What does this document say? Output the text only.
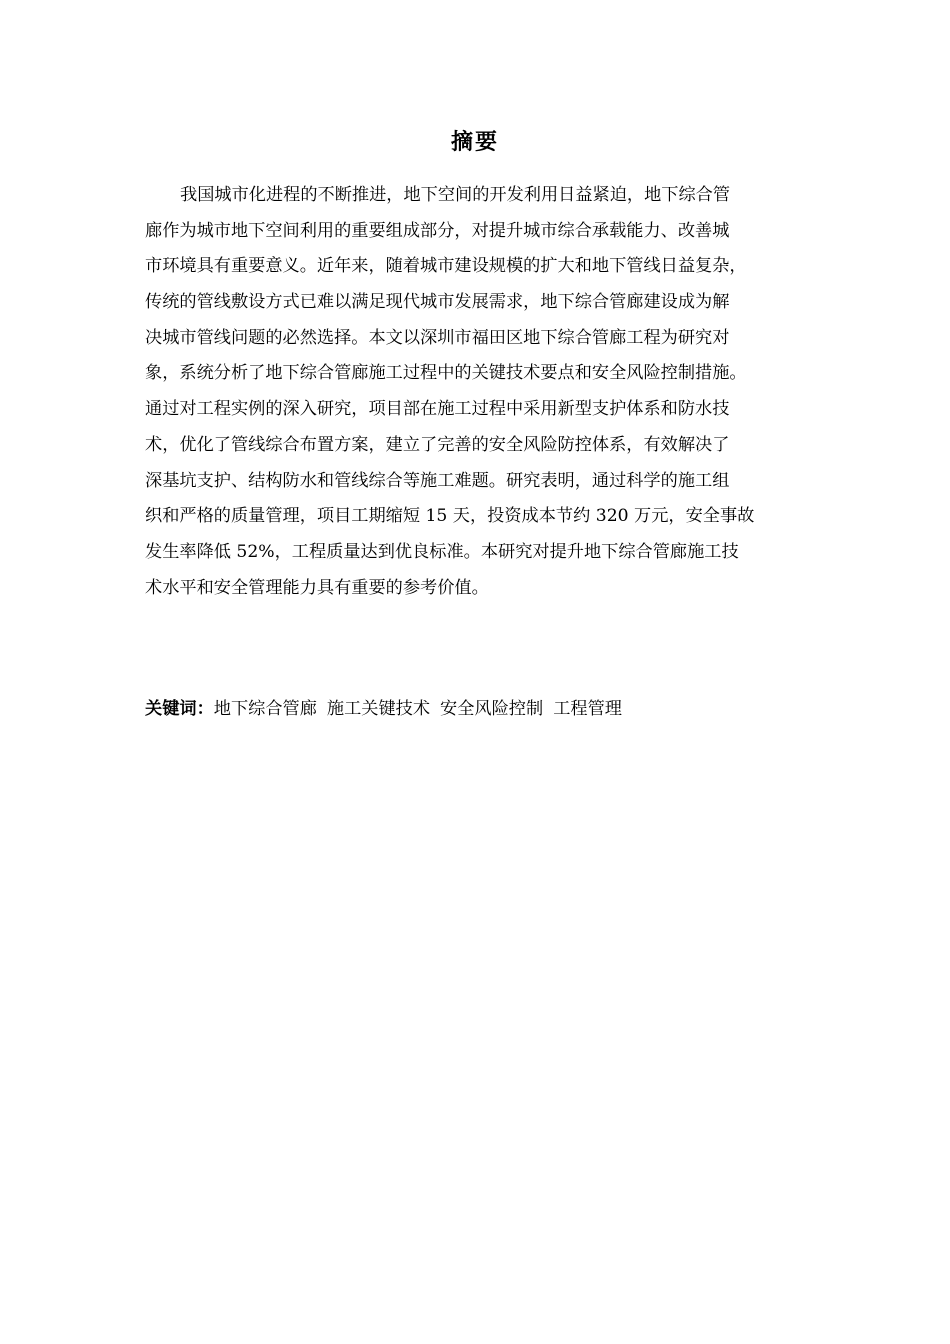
摘要
我国城市化进程的不断推进，地下空间的开发利用日益紧迫，地下综合管
廊作为城市地下空间利用的重要组成部分，对提升城市综合承载能力、改善城
市环境具有重要意义。近年来，随着城市建设规模的扩大和地下管线日益复杂，
传统的管线敷设方式已难以满足现代城市发展需求，地下综合管廊建设成为解
决城市管线问题的必然选择。本文以深圳市福田区地下综合管廊工程为研究对
象，系统分析了地下综合管廊施工过程中的关键技术要点和安全风险控制措施。
通过对工程实例的深入研究，项目部在施工过程中采用新型支护体系和防水技
术，优化了管线综合布置方案，建立了完善的安全风险防控体系，有效解决了
深基坑支护、结构防水和管线综合等施工难题。研究表明，通过科学的施工组
织和严格的质量管理，项目工期缩短 15 天，投资成本节约 320 万元，安全事故
发生率降低 52%，工程质量达到优良标准。本研究对提升地下综合管廊施工技
术水平和安全管理能力具有重要的参考价值。
关键词：地下综合管廊 施工关键技术 安全风险控制 工程管理
